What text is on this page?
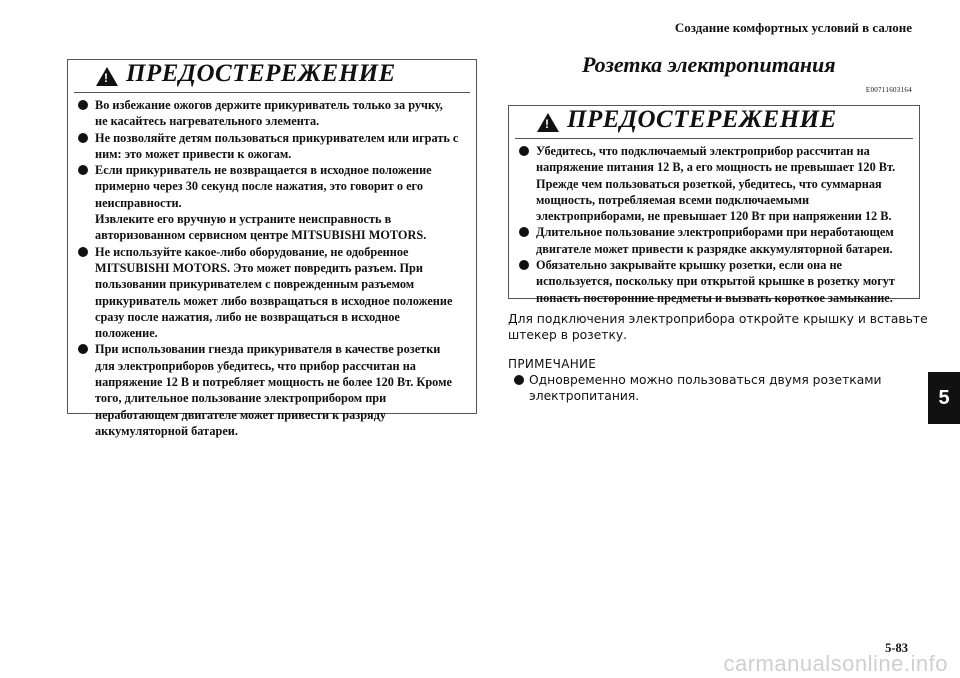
Создание комфортных условий в салоне
! ПРЕДОСТЕРЕЖЕНИЕ
Во избежание ожогов держите прикуриватель только за ручку,
не касайтесь нагревательного элемента.
Не позволяйте детям пользоваться прикуривателем или играть с
ним: это может привести к ожогам.
Если прикуриватель не возвращается в исходное положение
примерно через 30 секунд после нажатия, это говорит о его
неисправности.
Извлеките его вручную и устраните неисправность в
авторизованном сервисном центре MITSUBISHI MOTORS.
Не используйте какое-либо оборудование, не одобренное
MITSUBISHI MOTORS. Это может повредить разъем. При
пользовании прикуривателем с поврежденным разъемом
прикуриватель может либо возвращаться в исходное положение
сразу после нажатия, либо не возвращаться в исходное
положение.
При использовании гнезда прикуривателя в качестве розетки
для электроприборов убедитесь, что прибор рассчитан на
напряжение 12 В и потребляет мощность не более 120 Вт. Кроме
того, длительное пользование электроприбором при
неработающем двигателе может привести к разряду
аккумуляторной батареи.
Розетка электропитания
E00711603164
! ПРЕДОСТЕРЕЖЕНИЕ
Убедитесь, что подключаемый электроприбор рассчитан на
напряжение питания 12 В, а его мощность не превышает 120 Вт.
Прежде чем пользоваться розеткой, убедитесь, что суммарная
мощность, потребляемая всеми подключаемыми
электроприборами, не превышает 120 Вт при напряжении 12 В.
Длительное пользование электроприборами при неработающем
двигателе может привести к разрядке аккумуляторной батареи.
Обязательно закрывайте крышку розетки, если она не
используется, поскольку при открытой крышке в розетку могут
попасть посторонние предметы и вызвать короткое замыкание.
Для подключения электроприбора откройте крышку и вставьте
штекер в розетку.
ПРИМЕЧАНИЕ
Одновременно можно пользоваться двумя розетками
электропитания.	5
5-83
carmanualsonline.info
